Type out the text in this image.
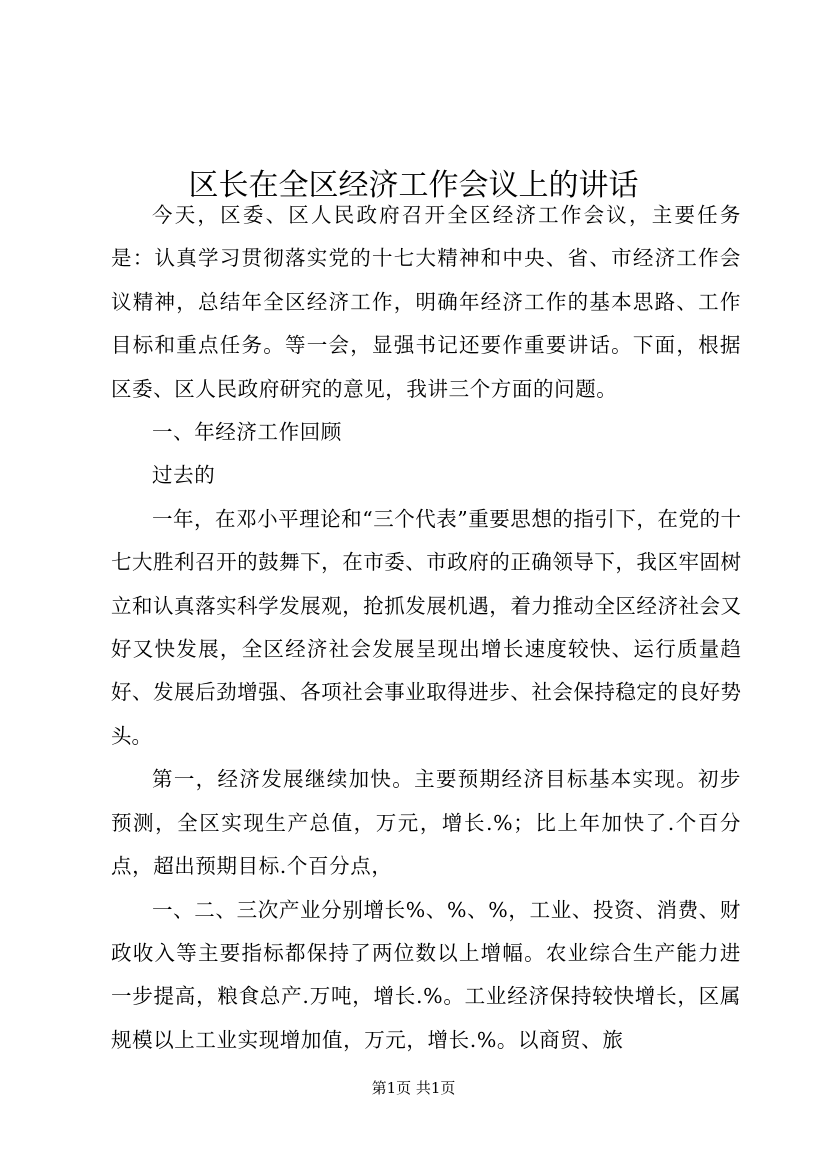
区长在全区经济工作会议上的讲话

今天，区委、区人民政府召开全区经济工作会议，主要任务是：认真学习贯彻落实党的十七大精神和中央、省、市经济工作会议精神，总结年全区经济工作，明确年经济工作的基本思路、工作目标和重点任务。等一会，显强书记还要作重要讲话。下面，根据区委、区人民政府研究的意见，我讲三个方面的问题。

一、年经济工作回顾

过去的

一年，在邓小平理论和“三个代表”重要思想的指引下，在党的十七大胜利召开的鼓舞下，在市委、市政府的正确领导下，我区牢固树立和认真落实科学发展观，抢抓发展机遇，着力推动全区经济社会又好又快发展，全区经济社会发展呈现出增长速度较快、运行质量趋好、发展后劲增强、各项社会事业取得进步、社会保持稳定的良好势头。

第一，经济发展继续加快。主要预期经济目标基本实现。初步预测，全区实现生产总值，万元，增长.%；比上年加快了.个百分点，超出预期目标.个百分点，

一、二、三次产业分别增长%、%、%，工业、投资、消费、财政收入等主要指标都保持了两位数以上增幅。农业综合生产能力进一步提高，粮食总产.万吨，增长.%。工业经济保持较快增长，区属规模以上工业实现增加值，万元，增长.%。以商贸、旅

第1页 共1页
